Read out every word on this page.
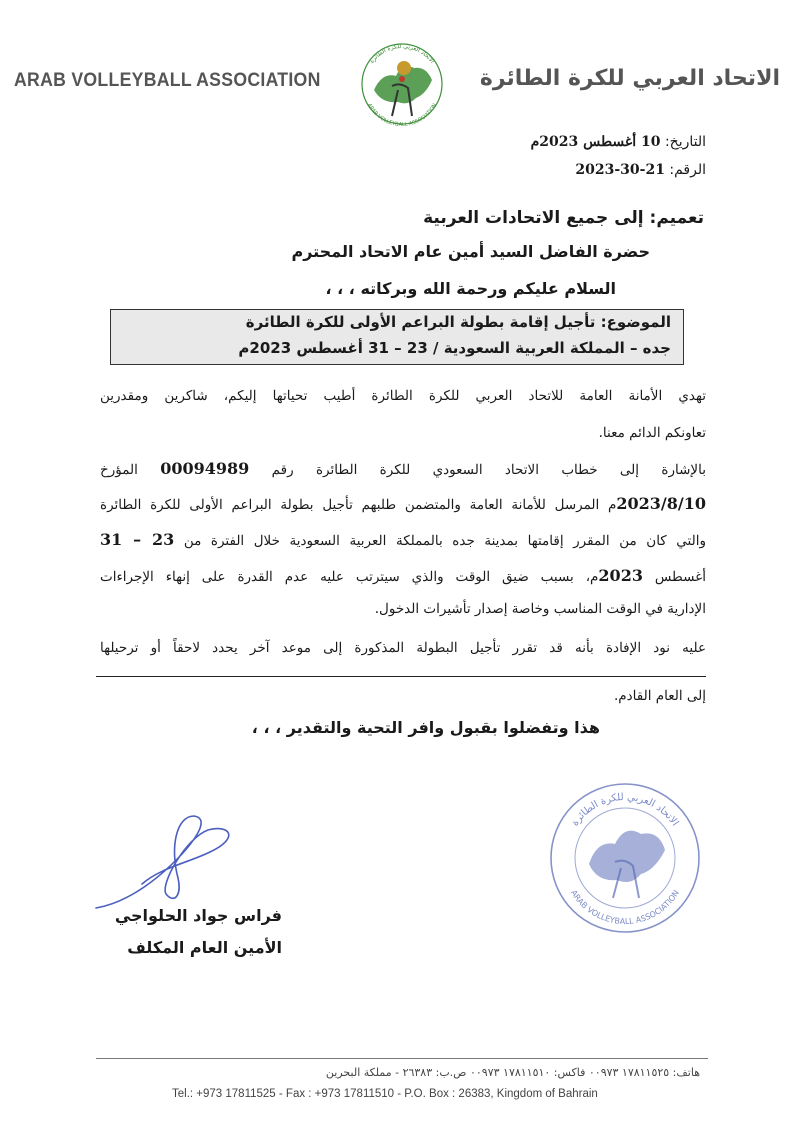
ARAB VOLLEYBALL ASSOCIATION	الاتحاد العربي للكرة الطائرة
الاتحاد العربي للكرة الطائرة
ARAB VOLLEYBALL ASSOCIATION
التاريخ: 10 أغسطس 2023م
الرقم: 21-30-2023
تعميم: إلى جميع الاتحادات العربية
حضرة الفاضل السيد أمين عام الاتحاد المحترم
السلام عليكم ورحمة الله وبركاته ، ، ،
الموضوع: تأجيل إقامة بطولة البراعم الأولى للكرة الطائرة
جده – المملكة العربية السعودية / 23 – 31 أغسطس 2023م
تهدي الأمانة العامة للاتحاد العربي للكرة الطائرة أطيب تحياتها إليكم، شاكرين ومقدرين
تعاونكم الدائم معنا.
بالإشارة إلى خطاب الاتحاد السعودي للكرة الطائرة رقم 00094989 المؤرخ
2023/8/10م المرسل للأمانة العامة والمتضمن طلبهم تأجيل بطولة البراعم الأولى للكرة الطائرة
والتي كان من المقرر إقامتها بمدينة جده بالمملكة العربية السعودية خلال الفترة من 23 – 31
أغسطس 2023م، بسبب ضيق الوقت والذي سيترتب عليه عدم القدرة على إنهاء الإجراءات
الإدارية في الوقت المناسب وخاصة إصدار تأشيرات الدخول.
عليه نود الإفادة بأنه قد تقرر تأجيل البطولة المذكورة إلى موعد آخر يحدد لاحقاً أو ترحيلها
إلى العام القادم.
هذا وتفضلوا بقبول وافر التحية والتقدير ، ، ،
فراس جواد الحلواجي
الأمين العام المكلف
الاتحاد العربي للكرة الطائرة
ARAB VOLLEYBALL ASSOCIATION
هاتف: ١٧٨١١٥٢٥ ٠٠٩٧٣ فاكس: ١٧٨١١٥١٠ ٠٠٩٧٣ ص.ب: ٢٦٣٨٣ - مملكة البحرين
Tel.: +973 17811525 - Fax : +973 17811510 - P.O. Box : 26383, Kingdom of Bahrain
